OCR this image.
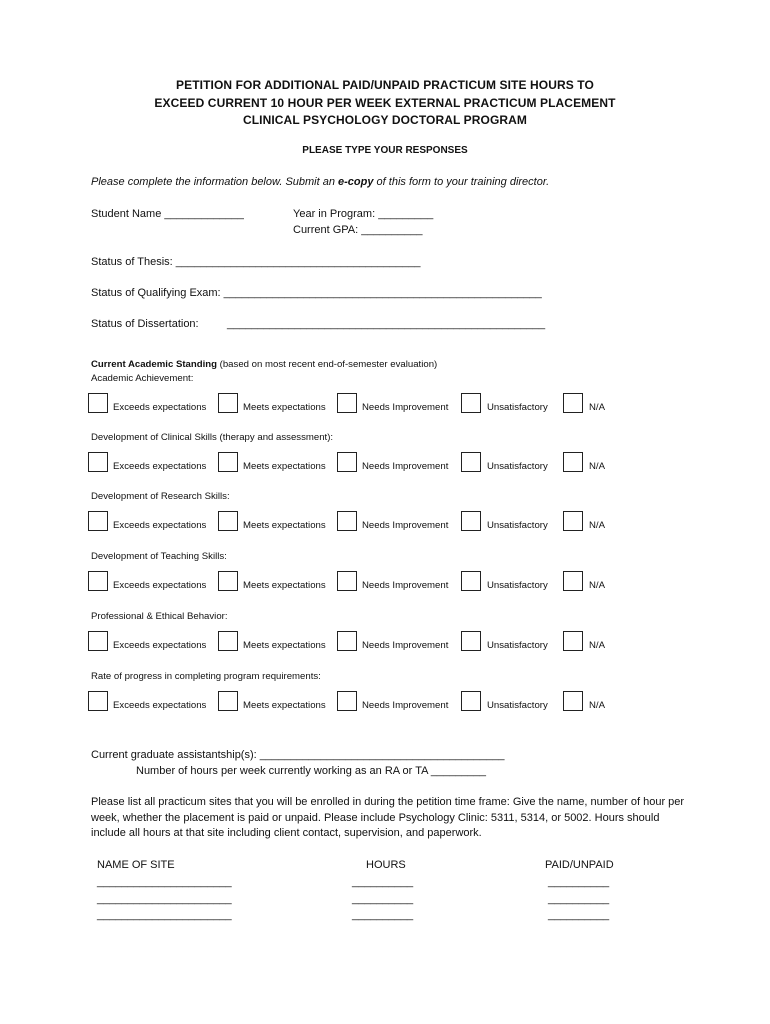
PETITION FOR ADDITIONAL PAID/UNPAID PRACTICUM SITE HOURS TO
EXCEED CURRENT 10 HOUR PER WEEK EXTERNAL PRACTICUM PLACEMENT
CLINICAL PSYCHOLOGY DOCTORAL PROGRAM
PLEASE TYPE YOUR RESPONSES
Please complete the information below. Submit an e-copy of this form to your training director.
Student Name _____________	Year in Program: _________
Current GPA: __________
Status of Thesis: ________________________________________
Status of Qualifying Exam: ____________________________________________________
Status of Dissertation:	____________________________________________________
Current Academic Standing (based on most recent end-of-semester evaluation)
Academic Achievement:
Exceeds expectations	Meets expectations	Needs Improvement	Unsatisfactory	N/A
Development of Clinical Skills (therapy and assessment):
Exceeds expectations	Meets expectations	Needs Improvement	Unsatisfactory	N/A
Development of Research Skills:
Exceeds expectations	Meets expectations	Needs Improvement	Unsatisfactory	N/A
Development of Teaching Skills:
Exceeds expectations	Meets expectations	Needs Improvement	Unsatisfactory	N/A
Professional & Ethical Behavior:
Exceeds expectations	Meets expectations	Needs Improvement	Unsatisfactory	N/A
Rate of progress in completing program requirements:
Exceeds expectations	Meets expectations	Needs Improvement	Unsatisfactory	N/A
Current graduate assistantship(s): ________________________________________
Number of hours per week currently working as an RA or TA _________
Please list all practicum sites that you will be enrolled in during the petition time frame: Give the name, number of hour per week, whether the placement is paid or unpaid. Please include Psychology Clinic: 5311, 5314, or 5002. Hours should include all hours at that site including client contact, supervision, and paperwork.
NAME OF SITE	HOURS	PAID/UNPAID
______________________	__________	__________
______________________	__________	__________
______________________	__________	__________
